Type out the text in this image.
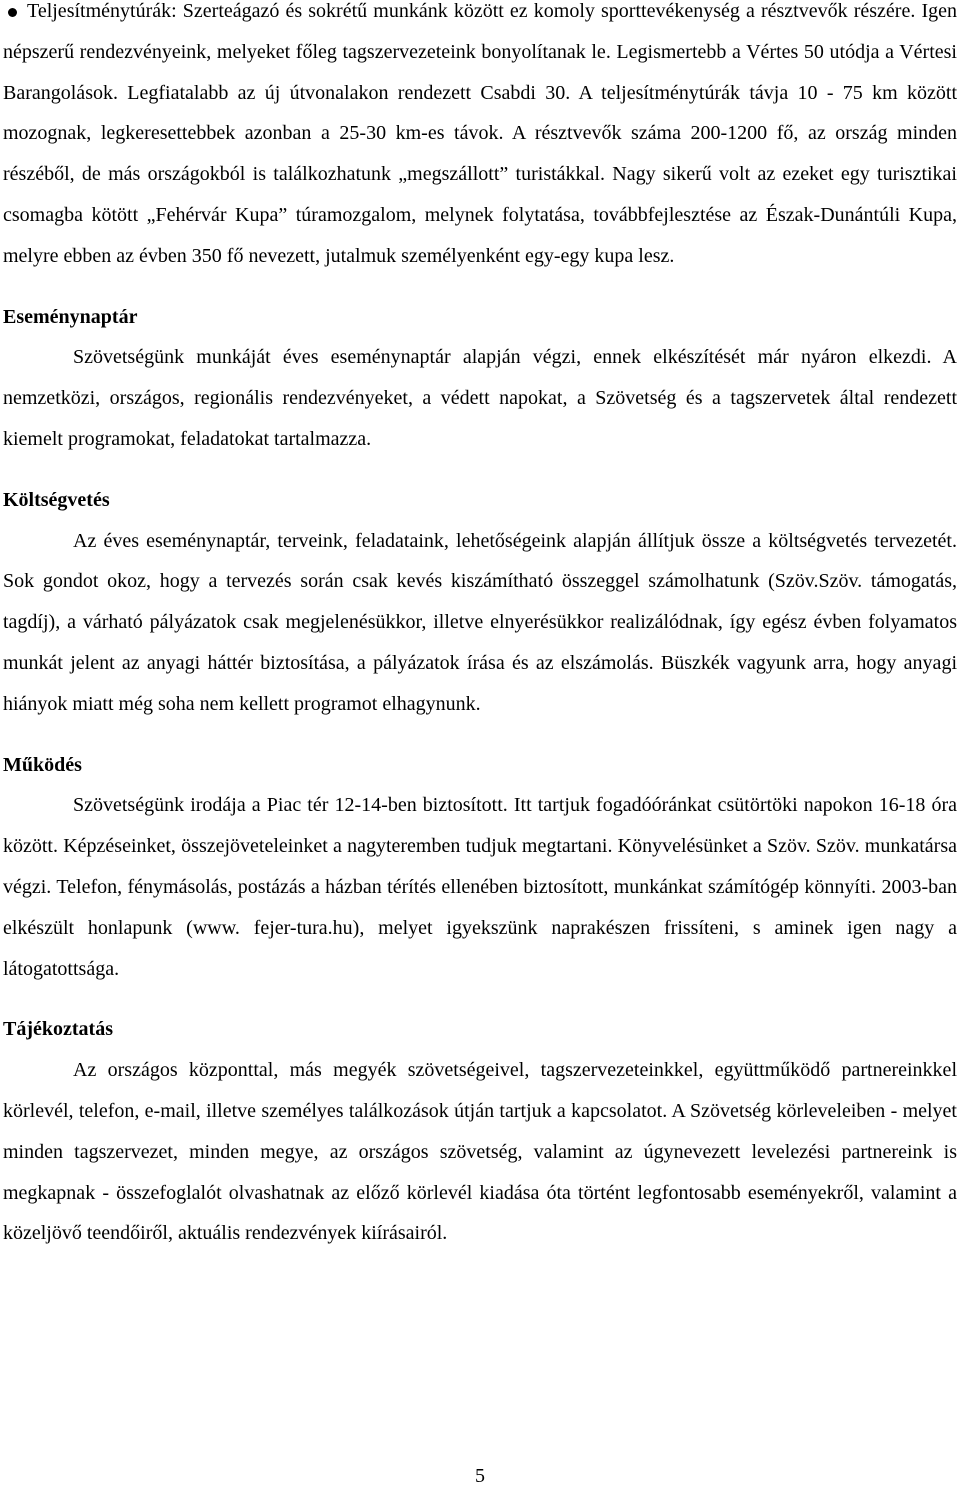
Teljesítménytúrák: Szerteágazó és sokrétű munkánk között ez komoly sporttevékenység a résztvevők részére. Igen népszerű rendezvényeink, melyeket főleg tagszervezeteink bonyolítanak le. Legismertebb a Vértes 50 utódja a Vértesi Barangolások. Legfiatalabb az új útvonalakon rendezett Csabdi 30. A teljesítménytúrák távja 10 - 75 km között mozognak, legkeresettebbek azonban a 25-30 km-es távok. A résztvevők száma 200-1200 fő, az ország minden részéből, de más országokból is találkozhatunk „megszállott” turistákkal. Nagy sikerű volt az ezeket egy turisztikai csomagba kötött „Fehérvár Kupa” túramozgalom, melynek folytatása, továbbfejlesztése az Észak-Dunántúli Kupa, melyre ebben az évben 350 fő nevezett, jutalmuk személyenként egy-egy kupa lesz.

Eseménynaptár

Szövetségünk munkáját éves eseménynaptár alapján végzi, ennek elkészítését már nyáron elkezdi. A nemzetközi, országos, regionális rendezvényeket, a védett napokat, a Szövetség és a tagszervetek által rendezett kiemelt programokat, feladatokat tartalmazza.

Költségvetés

Az éves eseménynaptár, terveink, feladataink, lehetőségeink alapján állítjuk össze a költségvetés tervezetét. Sok gondot okoz, hogy a tervezés során csak kevés kiszámítható összeggel számolhatunk (Szöv.Szöv. támogatás, tagdíj), a várható pályázatok csak megjelenésükkor, illetve elnyerésükkor realizálódnak, így egész évben folyamatos munkát jelent az anyagi háttér biztosítása, a pályázatok írása és az elszámolás. Büszkék vagyunk arra, hogy anyagi hiányok miatt még soha nem kellett programot elhagynunk.

Működés

Szövetségünk irodája a Piac tér 12-14-ben biztosított. Itt tartjuk fogadóóránkat csütörtöki napokon 16-18 óra között. Képzéseinket, összejöveteleinket a nagyteremben tudjuk megtartani. Könyvelésünket a Szöv. Szöv. munkatársa végzi. Telefon, fénymásolás, postázás a házban térítés ellenében biztosított, munkánkat számítógép könnyíti. 2003-ban elkészült honlapunk (www. fejer-tura.hu), melyet igyekszünk naprakészen frissíteni, s aminek igen nagy a látogatottsága.

Tájékoztatás

Az országos központtal, más megyék szövetségeivel, tagszervezeteinkkel, együttműködő partnereinkkel körlevél, telefon, e-mail, illetve személyes találkozások útján tartjuk a kapcsolatot. A Szövetség körleveleiben - melyet minden tagszervezet, minden megye, az országos szövetség, valamint az úgynevezett levelezési partnereink is megkapnak - összefoglalót olvashatnak az előző körlevél kiadása óta történt legfontosabb eseményekről, valamint a közeljövő teendőiről, aktuális rendezvények kiírásairól.

5
